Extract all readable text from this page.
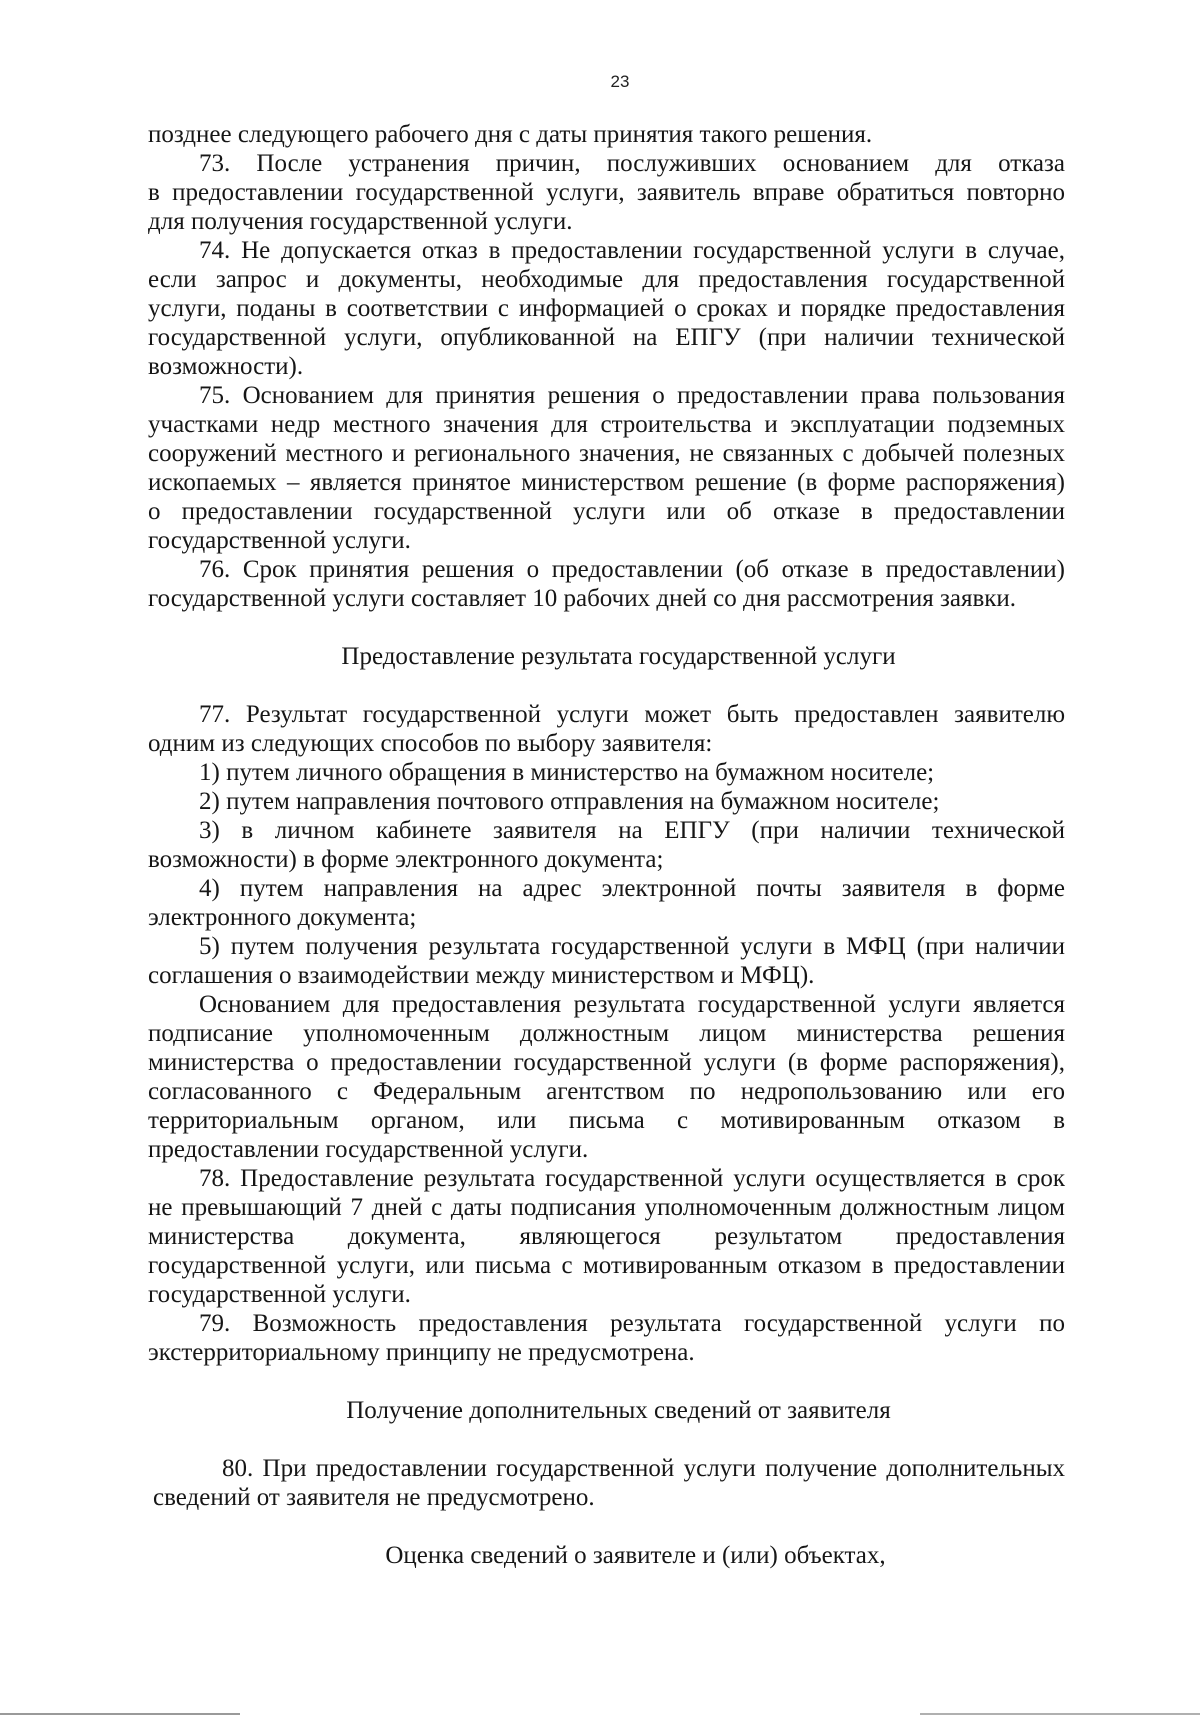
23
позднее следующего рабочего дня с даты принятия такого решения.
73. После устранения причин, послуживших основанием для отказа
в предоставлении государственной услуги, заявитель вправе обратиться повторно
для получения государственной услуги.
74. Не допускается отказ в предоставлении государственной услуги в случае,
если запрос и документы, необходимые для предоставления государственной
услуги, поданы в соответствии с информацией о сроках и порядке предоставления
государственной услуги, опубликованной на ЕПГУ (при наличии технической
возможности).
75. Основанием для принятия решения о предоставлении права пользования
участками недр местного значения для строительства и эксплуатации подземных
сооружений местного и регионального значения, не связанных с добычей полезных
ископаемых – является принятое министерством решение (в форме распоряжения)
о предоставлении государственной услуги или об отказе в предоставлении
государственной услуги.
76. Срок принятия решения о предоставлении (об отказе в предоставлении)
государственной услуги составляет 10 рабочих дней со дня рассмотрения заявки.
Предоставление результата государственной услуги
77. Результат государственной услуги может быть предоставлен заявителю
одним из следующих способов по выбору заявителя:
1) путем личного обращения в министерство на бумажном носителе;
2) путем направления почтового отправления на бумажном носителе;
3) в личном кабинете заявителя на ЕПГУ (при наличии технической
возможности) в форме электронного документа;
4) путем направления на адрес электронной почты заявителя в форме
электронного документа;
5) путем получения результата государственной услуги в МФЦ (при наличии
соглашения о взаимодействии между министерством и МФЦ).
Основанием для предоставления результата государственной услуги является
подписание уполномоченным должностным лицом министерства решения
министерства о предоставлении государственной услуги (в форме распоряжения),
согласованного с Федеральным агентством по недропользованию или его
территориальным органом, или письма с мотивированным отказом в
предоставлении государственной услуги.
78. Предоставление результата государственной услуги осуществляется в срок
не превышающий 7 дней с даты подписания уполномоченным должностным лицом
министерства документа, являющегося результатом предоставления
государственной услуги, или письма с мотивированным отказом в предоставлении
государственной услуги.
79. Возможность предоставления результата государственной услуги по
экстерриториальному принципу не предусмотрена.
Получение дополнительных сведений от заявителя
80. При предоставлении государственной услуги получение дополнительных
сведений от заявителя не предусмотрено.
Оценка сведений о заявителе и (или) объектах,
